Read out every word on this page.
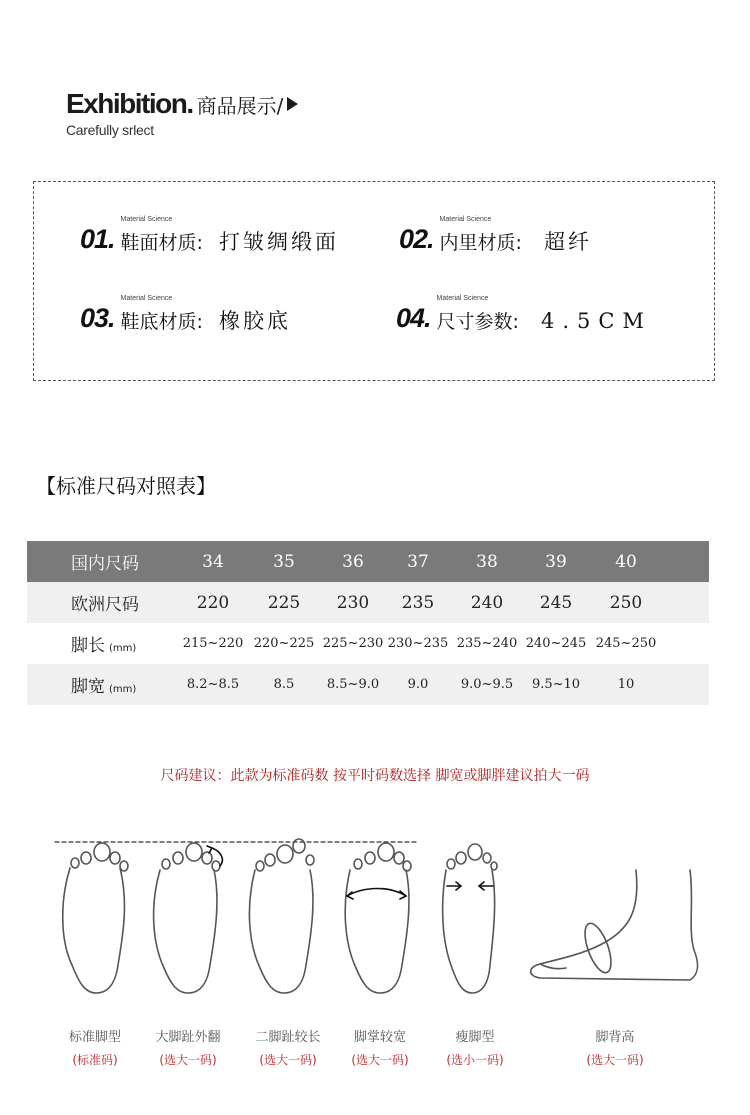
Exhibition. 商品展示/
Carefully srlect
01.
Material Science
鞋面材质: 打皱绸缎面 02.
Material Science
内里材质: 超纤
03.
Material Science
鞋底材质: 橡胶底	04.
Material Science
尺寸参数: 4.5CM
【标准尺码对照表】
国内尺码	34	35	36	37	38	39	40
欧洲尺码	220	225	230	235	240	245	250
脚长 (mm)	215~220 220~225 225~230 230~235 235~240 240~245 245~250
脚宽 (mm)	8.2~8.5	8.5	8.5~9.0	9.0	9.0~9.5	9.5~10	10
尺码建议：此款为标准码数 按平时码数选择 脚宽或脚胖建议拍大一码
标准脚型
(标准码)
大脚趾外翻
(选大一码)
二脚趾较长
(选大一码)
脚掌较宽
(选大一码)
瘦脚型
(选小一码)
脚背高
(选大一码)
